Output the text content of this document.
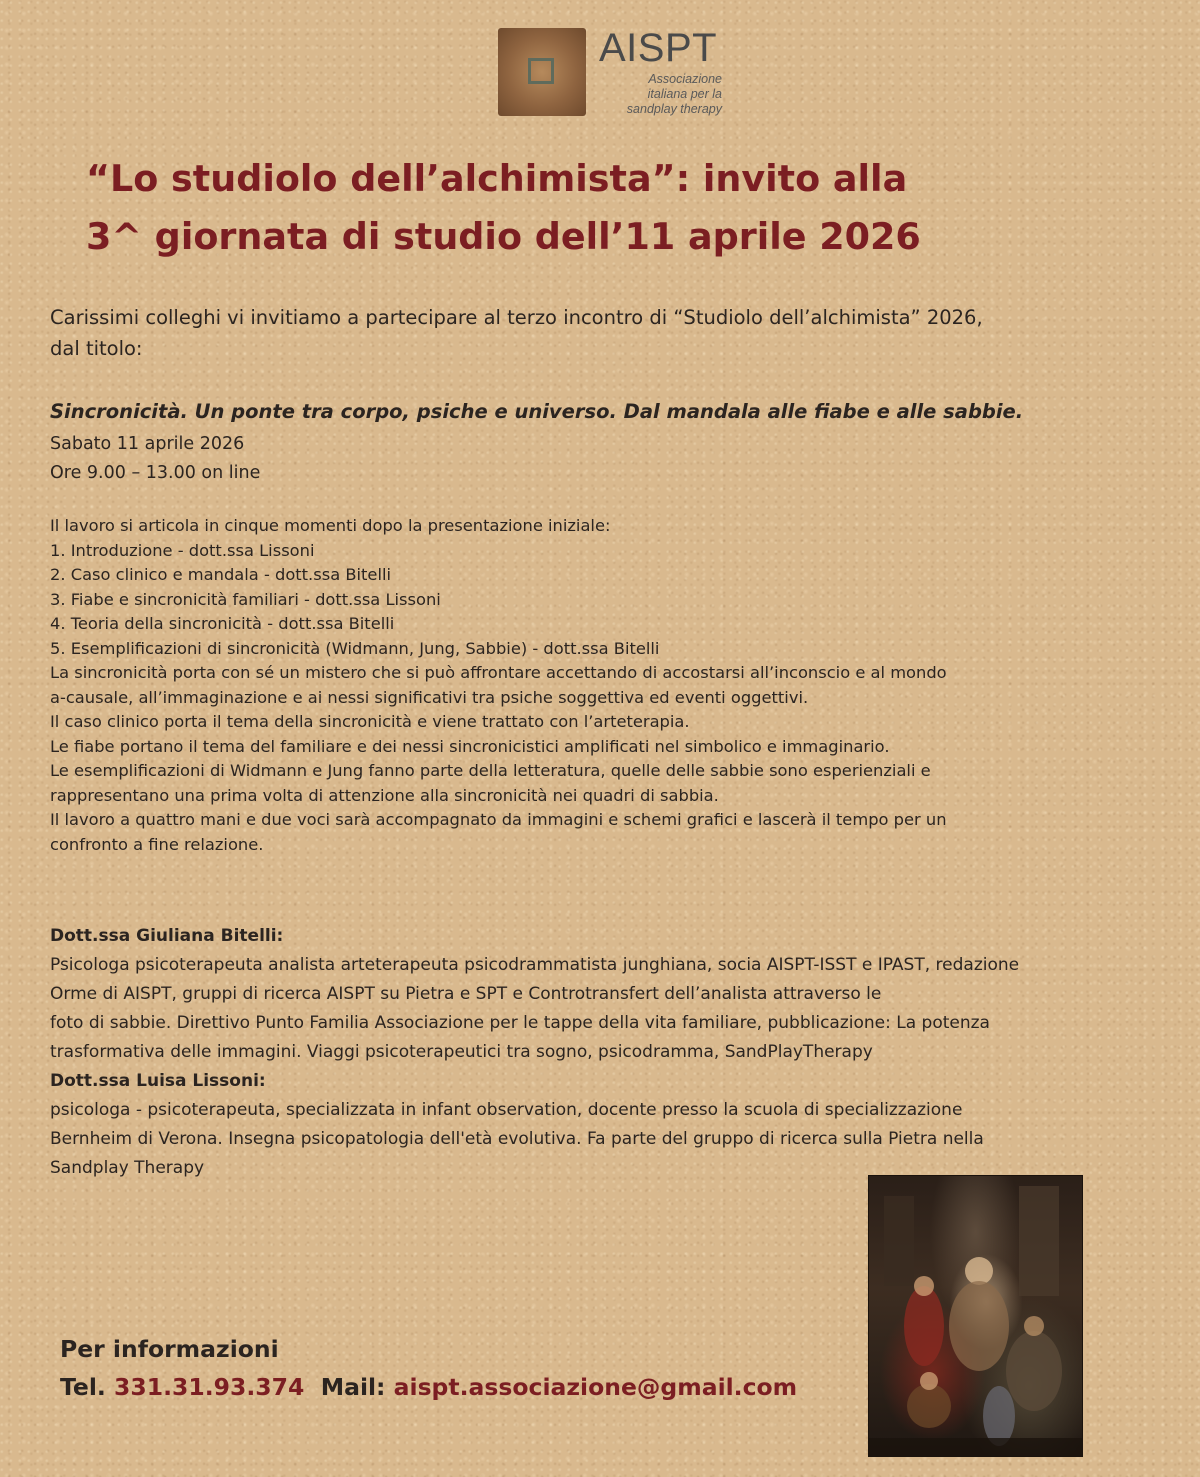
AISPT
Associazione
italiana per la
sandplay therapy
“Lo studiolo dell’alchimista”: invito alla
3^ giornata di studio dell’11 aprile 2026
Carissimi colleghi vi invitiamo a partecipare al terzo incontro di “Studiolo dell’alchimista” 2026,
dal titolo:
Sincronicità. Un ponte tra corpo, psiche e universo. Dal mandala alle fiabe e alle sabbie.
Sabato 11 aprile 2026
Ore 9.00 – 13.00 on line
Il lavoro si articola in cinque momenti dopo la presentazione iniziale:
1. Introduzione - dott.ssa Lissoni
2. Caso clinico e mandala - dott.ssa Bitelli
3. Fiabe e sincronicità familiari - dott.ssa Lissoni
4. Teoria della sincronicità - dott.ssa Bitelli
5. Esemplificazioni di sincronicità (Widmann, Jung, Sabbie) - dott.ssa Bitelli
La sincronicità porta con sé un mistero che si può affrontare accettando di accostarsi all’inconscio e al mondo
a-causale, all’immaginazione e ai nessi significativi tra psiche soggettiva ed eventi oggettivi.
Il caso clinico porta il tema della sincronicità e viene trattato con l’arteterapia.
Le fiabe portano il tema del familiare e dei nessi sincronicistici amplificati nel simbolico e immaginario.
Le esemplificazioni di Widmann e Jung fanno parte della letteratura, quelle delle sabbie sono esperienziali e
rappresentano una prima volta di attenzione alla sincronicità nei quadri di sabbia.
Il lavoro a quattro mani e due voci sarà accompagnato da immagini e schemi grafici e lascerà il tempo per un
confronto a fine relazione.
Dott.ssa Giuliana Bitelli:
Psicologa psicoterapeuta analista arteterapeuta psicodrammatista junghiana, socia AISPT-ISST e IPAST, redazione
Orme di AISPT, gruppi di ricerca AISPT su Pietra e SPT e Controtransfert dell’analista attraverso le
foto di sabbie. Direttivo Punto Familia Associazione per le tappe della vita familiare, pubblicazione: La potenza
trasformativa delle immagini. Viaggi psicoterapeutici tra sogno, psicodramma, SandPlayTherapy
Dott.ssa Luisa Lissoni:
psicologa - psicoterapeuta, specializzata in infant observation, docente presso la scuola di specializzazione
Bernheim di Verona. Insegna psicopatologia dell'età evolutiva. Fa parte del gruppo di ricerca sulla Pietra nella
Sandplay Therapy
Per informazioni
Tel. 331.31.93.374 Mail: aispt.associazione@gmail.com
